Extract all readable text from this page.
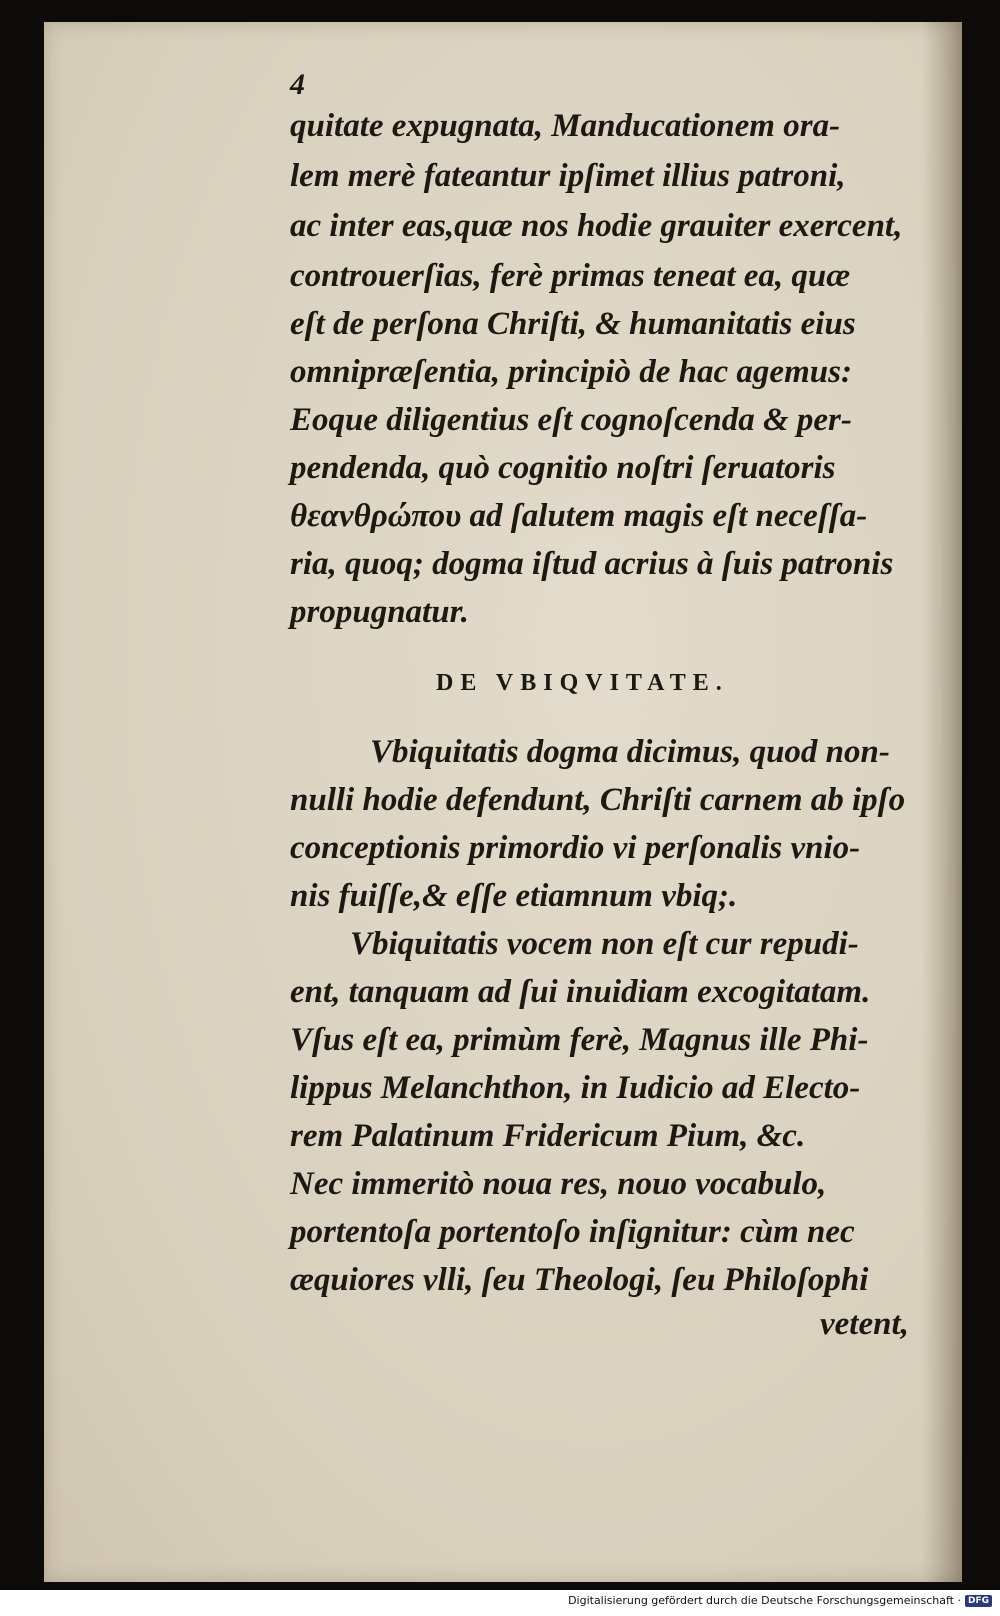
4
quitate expugnata, Manducationem ora-
lem merè fateantur ipſimet illius patroni,
ac inter eas,quæ nos hodie grauiter exercent,
controuerſias, ferè primas teneat ea, quæ
eſt de perſona Chriſti, & humanitatis eius
omnipræſentia, principiò de hac agemus:
Eoque diligentius eſt cognoſcenda & per-
pendenda, quò cognitio noſtri ſeruatoris
θεανθρώπου ad ſalutem magis eſt neceſſa-
ria, quoq; dogma iſtud acrius à ſuis patronis
propugnatur.
DE VBIQVITATE.
Vbiquitatis dogma dicimus, quod non-
nulli hodie defendunt, Chriſti carnem ab ipſo
conceptionis primordio vi perſonalis vnio-
nis fuiſſe,& eſſe etiamnum vbiq;.
Vbiquitatis vocem non eſt cur repudi-
ent, tanquam ad ſui inuidiam excogitatam.
Vſus eſt ea, primùm ferè, Magnus ille Phi-
lippus Melanchthon, in Iudicio ad Electo-
rem Palatinum Fridericum Pium, &c.
Nec immeritò noua res, nouo vocabulo,
portentoſa portentoſo inſignitur: cùm nec
æquiores vlli, ſeu Theologi, ſeu Philoſophi
vetent,
Digitalisierung gefördert durch die Deutsche Forschungsgemeinschaft · DFG
